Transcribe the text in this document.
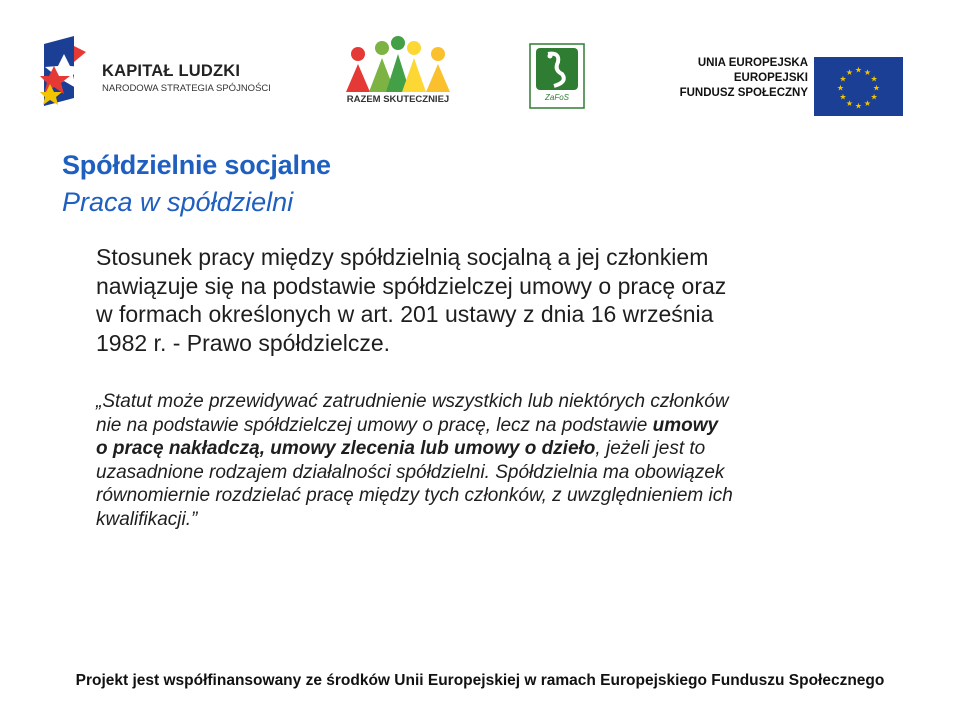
KAPITAŁ LUDZKI
NARODOWA STRATEGIA SPÓJNOŚCI
RAZEM SKUTECZNIEJ	ZaFoS
UNIA EUROPEJSKA
EUROPEJSKI
FUNDUSZ SPOŁECZNY
★ ★
★
★
★
★
★
★
★
★
★
★
Spółdzielnie socjalne
Praca w spółdzielni
Stosunek pracy między spółdzielnią socjalną a jej członkiem
nawiązuje się na podstawie spółdzielczej umowy o pracę oraz
w formach określonych w art. 201 ustawy z dnia 16 września
1982 r. - Prawo spółdzielcze.
„Statut może przewidywać zatrudnienie wszystkich lub niektórych członków
nie na podstawie spółdzielczej umowy o pracę, lecz na podstawie umowy
o pracę nakładczą, umowy zlecenia lub umowy o dzieło, jeżeli jest to
uzasadnione rodzajem działalności spółdzielni. Spółdzielnia ma obowiązek
równomiernie rozdzielać pracę między tych członków, z uwzględnieniem ich
kwalifikacji.”
Projekt jest współfinansowany ze środków Unii Europejskiej w ramach Europejskiego Funduszu Społecznego
